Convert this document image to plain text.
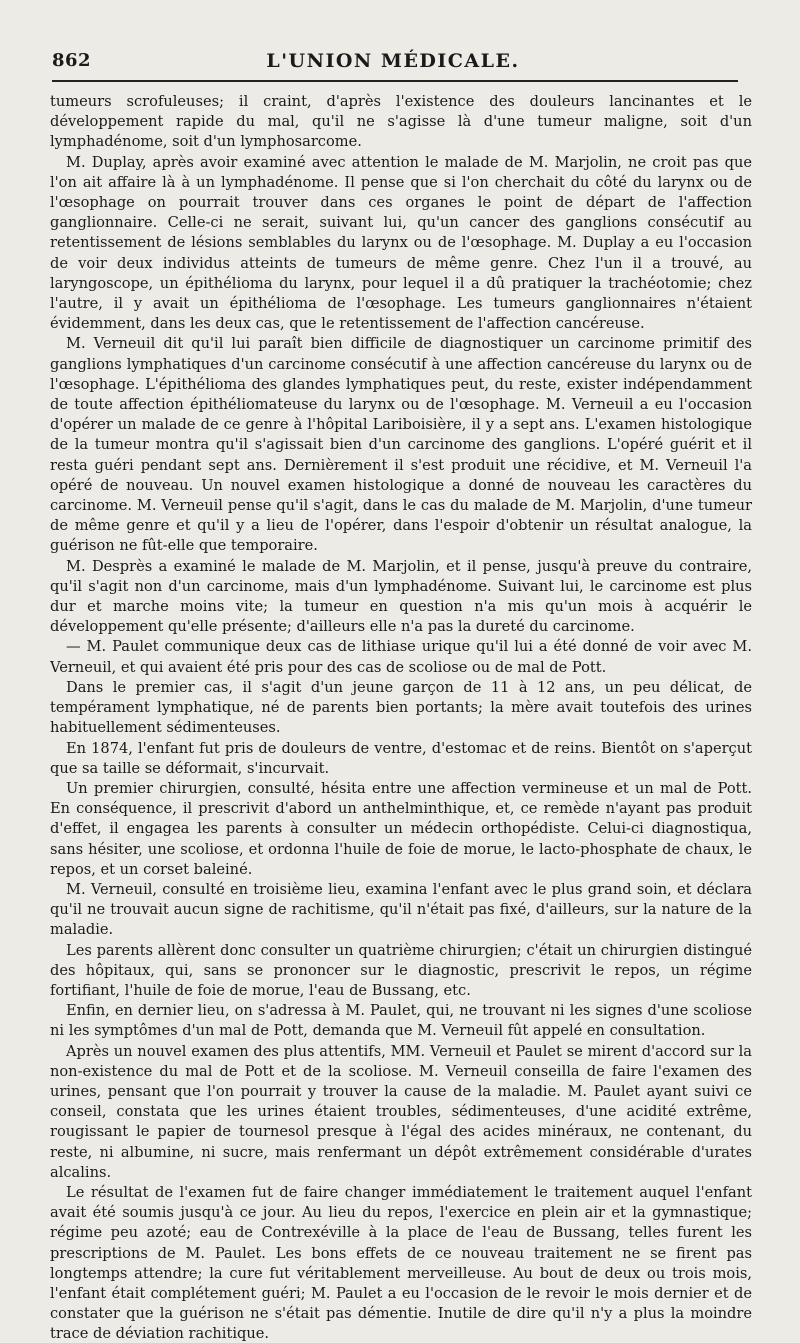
862	L'UNION MÉDICALE.

tumeurs scrofuleuses; il craint, d'après l'existence des douleurs lancinantes et le développement rapide du mal, qu'il ne s'agisse là d'une tumeur maligne, soit d'un lymphadénome, soit d'un lymphosarcome.

M. Duplay, après avoir examiné avec attention le malade de M. Marjolin, ne croit pas que l'on ait affaire là à un lymphadénome. Il pense que si l'on cherchait du côté du larynx ou de l'œsophage on pourrait trouver dans ces organes le point de départ de l'affection ganglionnaire. Celle-ci ne serait, suivant lui, qu'un cancer des ganglions consécutif au retentissement de lésions semblables du larynx ou de l'œsophage. M. Duplay a eu l'occasion de voir deux individus atteints de tumeurs de même genre. Chez l'un il a trouvé, au laryngoscope, un épithélioma du larynx, pour lequel il a dû pratiquer la trachéotomie; chez l'autre, il y avait un épithélioma de l'œsophage. Les tumeurs ganglionnaires n'étaient évidemment, dans les deux cas, que le retentissement de l'affection cancéreuse.

M. Verneuil dit qu'il lui paraît bien difficile de diagnostiquer un carcinome primitif des ganglions lymphatiques d'un carcinome consécutif à une affection cancéreuse du larynx ou de l'œsophage. L'épithélioma des glandes lymphatiques peut, du reste, exister indépendamment de toute affection épithéliomateuse du larynx ou de l'œsophage. M. Verneuil a eu l'occasion d'opérer un malade de ce genre à l'hôpital Lariboisière, il y a sept ans. L'examen histologique de la tumeur montra qu'il s'agissait bien d'un carcinome des ganglions. L'opéré guérit et il resta guéri pendant sept ans. Dernièrement il s'est produit une récidive, et M. Verneuil l'a opéré de nouveau. Un nouvel examen histologique a donné de nouveau les caractères du carcinome. M. Verneuil pense qu'il s'agit, dans le cas du malade de M. Marjolin, d'une tumeur de même genre et qu'il y a lieu de l'opérer, dans l'espoir d'obtenir un résultat analogue, la guérison ne fût-elle que temporaire.

M. Desprès a examiné le malade de M. Marjolin, et il pense, jusqu'à preuve du contraire, qu'il s'agit non d'un carcinome, mais d'un lymphadénome. Suivant lui, le carcinome est plus dur et marche moins vite; la tumeur en question n'a mis qu'un mois à acquérir le développement qu'elle présente; d'ailleurs elle n'a pas la dureté du carcinome.

— M. Paulet communique deux cas de lithiase urique qu'il lui a été donné de voir avec M. Verneuil, et qui avaient été pris pour des cas de scoliose ou de mal de Pott.

Dans le premier cas, il s'agit d'un jeune garçon de 11 à 12 ans, un peu délicat, de tempérament lymphatique, né de parents bien portants; la mère avait toutefois des urines habituellement sédimenteuses.

En 1874, l'enfant fut pris de douleurs de ventre, d'estomac et de reins. Bientôt on s'aperçut que sa taille se déformait, s'incurvait.

Un premier chirurgien, consulté, hésita entre une affection vermineuse et un mal de Pott. En conséquence, il prescrivit d'abord un anthelminthique, et, ce remède n'ayant pas produit d'effet, il engagea les parents à consulter un médecin orthopédiste. Celui-ci diagnostiqua, sans hésiter, une scoliose, et ordonna l'huile de foie de morue, le lacto-phosphate de chaux, le repos, et un corset baleiné.

M. Verneuil, consulté en troisième lieu, examina l'enfant avec le plus grand soin, et déclara qu'il ne trouvait aucun signe de rachitisme, qu'il n'était pas fixé, d'ailleurs, sur la nature de la maladie.

Les parents allèrent donc consulter un quatrième chirurgien; c'était un chirurgien distingué des hôpitaux, qui, sans se prononcer sur le diagnostic, prescrivit le repos, un régime fortifiant, l'huile de foie de morue, l'eau de Bussang, etc.

Enfin, en dernier lieu, on s'adressa à M. Paulet, qui, ne trouvant ni les signes d'une scoliose ni les symptômes d'un mal de Pott, demanda que M. Verneuil fût appelé en consultation.

Après un nouvel examen des plus attentifs, MM. Verneuil et Paulet se mirent d'accord sur la non-existence du mal de Pott et de la scoliose. M. Verneuil conseilla de faire l'examen des urines, pensant que l'on pourrait y trouver la cause de la maladie. M. Paulet ayant suivi ce conseil, constata que les urines étaient troubles, sédimenteuses, d'une acidité extrême, rougissant le papier de tournesol presque à l'égal des acides minéraux, ne contenant, du reste, ni albumine, ni sucre, mais renfermant un dépôt extrêmement considérable d'urates alcalins.

Le résultat de l'examen fut de faire changer immédiatement le traitement auquel l'enfant avait été soumis jusqu'à ce jour. Au lieu du repos, l'exercice en plein air et la gymnastique; régime peu azoté; eau de Contrexéville à la place de l'eau de Bussang, telles furent les prescriptions de M. Paulet. Les bons effets de ce nouveau traitement ne se firent pas longtemps attendre; la cure fut véritablement merveilleuse. Au bout de deux ou trois mois, l'enfant était complétement guéri; M. Paulet a eu l'occasion de le revoir le mois dernier et de constater que la guérison ne s'était pas démentie. Inutile de dire qu'il n'y a plus la moindre trace de déviation rachitique.
